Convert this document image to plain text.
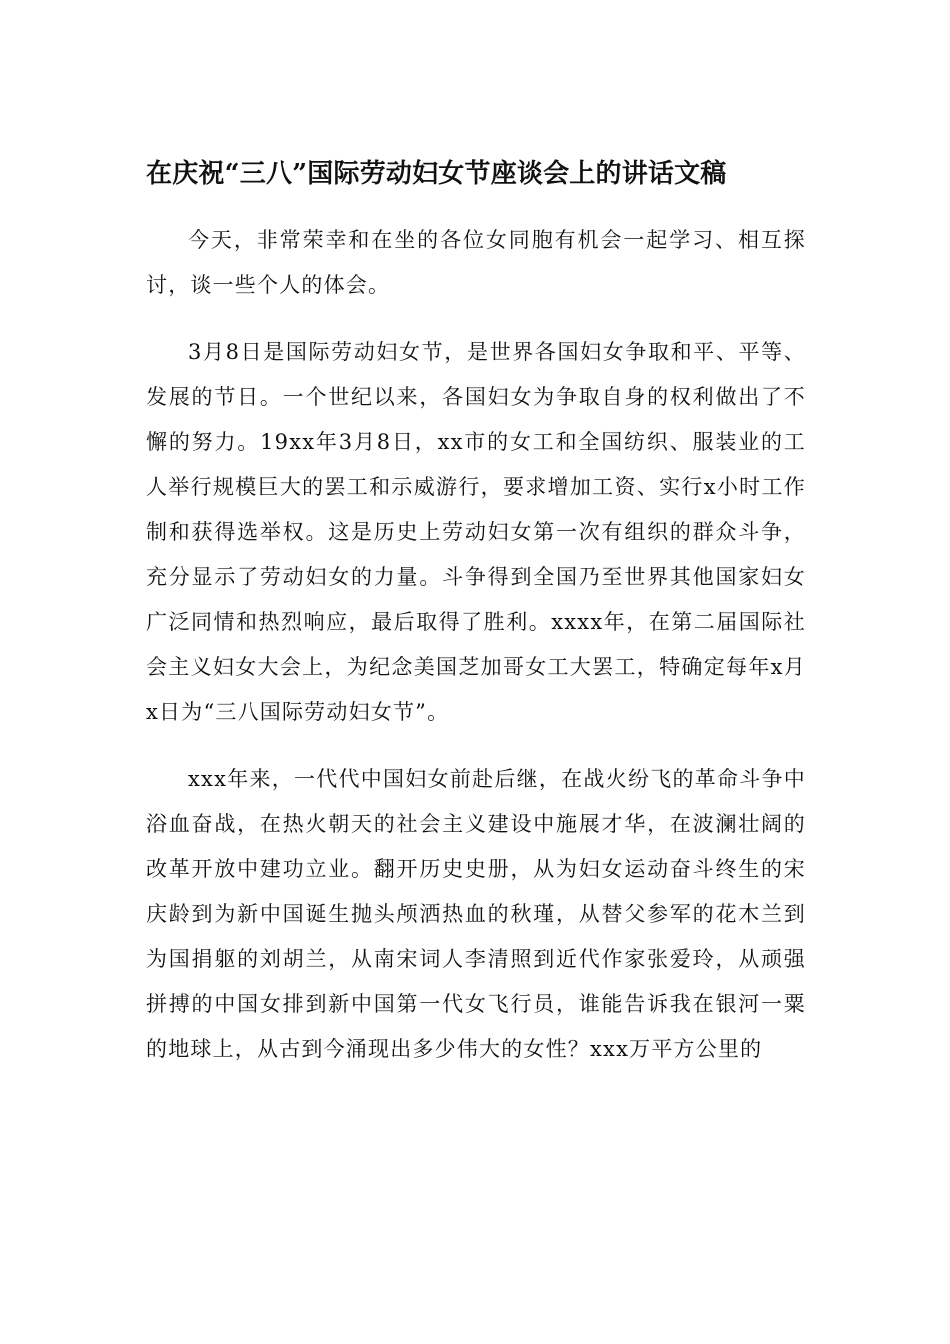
在庆祝“三八”国际劳动妇女节座谈会上的讲话文稿

今天，非常荣幸和在坐的各位女同胞有机会一起学习、相互探讨，谈一些个人的体会。

3月8日是国际劳动妇女节，是世界各国妇女争取和平、平等、发展的节日。一个世纪以来，各国妇女为争取自身的权利做出了不懈的努力。19xx年3月8日，xx市的女工和全国纺织、服装业的工人举行规模巨大的罢工和示威游行，要求增加工资、实行x小时工作制和获得选举权。这是历史上劳动妇女第一次有组织的群众斗争，充分显示了劳动妇女的力量。斗争得到全国乃至世界其他国家妇女广泛同情和热烈响应，最后取得了胜利。xxxx年，在第二届国际社会主义妇女大会上，为纪念美国芝加哥女工大罢工，特确定每年x月x日为“三八国际劳动妇女节”。

xxx年来，一代代中国妇女前赴后继，在战火纷飞的革命斗争中浴血奋战，在热火朝天的社会主义建设中施展才华，在波澜壮阔的改革开放中建功立业。翻开历史史册，从为妇女运动奋斗终生的宋庆龄到为新中国诞生抛头颅洒热血的秋瑾，从替父参军的花木兰到为国捐躯的刘胡兰，从南宋词人李清照到近代作家张爱玲，从顽强拼搏的中国女排到新中国第一代女飞行员，谁能告诉我在银河一粟的地球上，从古到今涌现出多少伟大的女性？xxx万平方公里的
